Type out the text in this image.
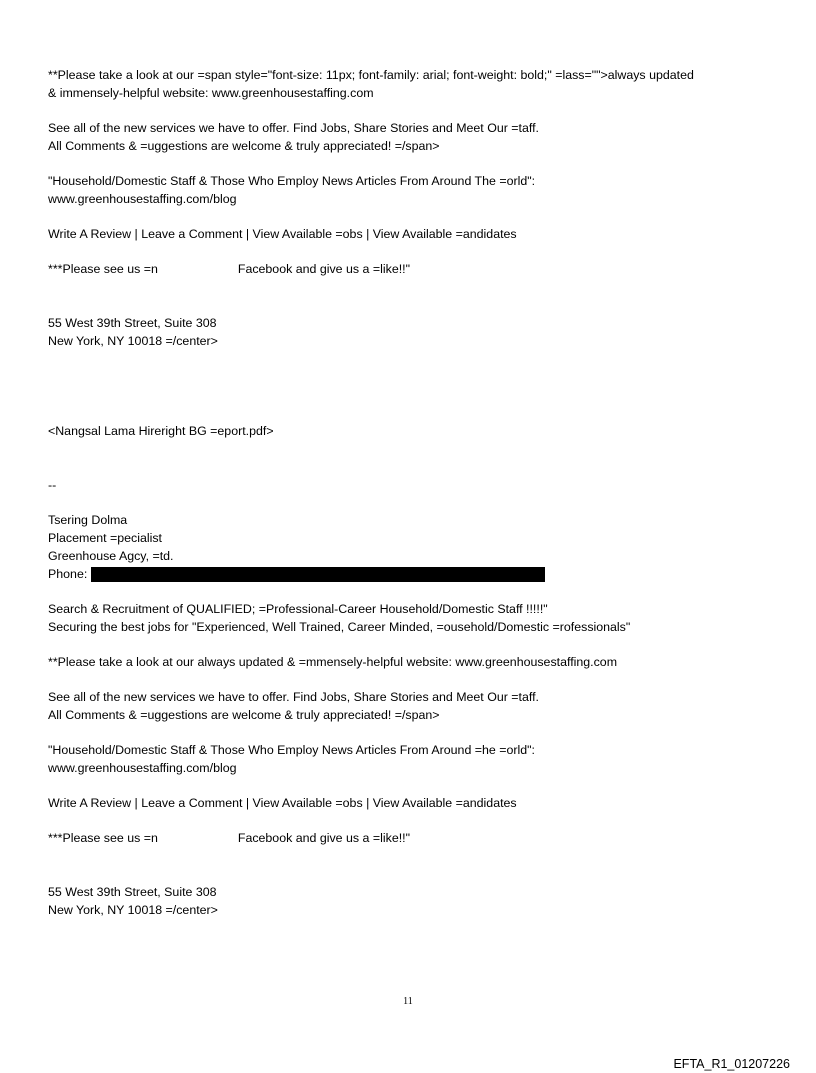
**Please take a look at our =span style="font-size: 11px; font-family: arial; font-weight: bold;" =lass="">always updated
& immensely-helpful website: www.greenhousestaffing.com

See all of the new services we have to offer. Find Jobs, Share Stories and Meet Our =taff.
All Comments & =uggestions are welcome & truly appreciated! =/span>

"Household/Domestic Staff & Those Who Employ News Articles From Around The =orld":
www.greenhousestaffing.com/blog

Write A Review | Leave a Comment | View Available =obs | View Available =andidates

***Please see us =n	Facebook and give us a =like!!"

55 West 39th Street, Suite 308
New York, NY 10018 =/center>

<Nangsal Lama Hireright BG =eport.pdf>

--

Tsering Dolma
Placement =pecialist
Greenhouse Agcy, =td.
Phone:

Search & Recruitment of QUALIFIED; =Professional-Career Household/Domestic Staff !!!!!"
Securing the best jobs for "Experienced, Well Trained, Career Minded, =ousehold/Domestic =rofessionals"

**Please take a look at our always updated & =mmensely-helpful website: www.greenhousestaffing.com

See all of the new services we have to offer. Find Jobs, Share Stories and Meet Our =taff.
All Comments & =uggestions are welcome & truly appreciated! =/span>

"Household/Domestic Staff & Those Who Employ News Articles From Around =he =orld":
www.greenhousestaffing.com/blog

Write A Review | Leave a Comment | View Available =obs | View Available =andidates

***Please see us =n	Facebook and give us a =like!!"

55 West 39th Street, Suite 308
New York, NY 10018 =/center>

11
EFTA_R1_01207226
